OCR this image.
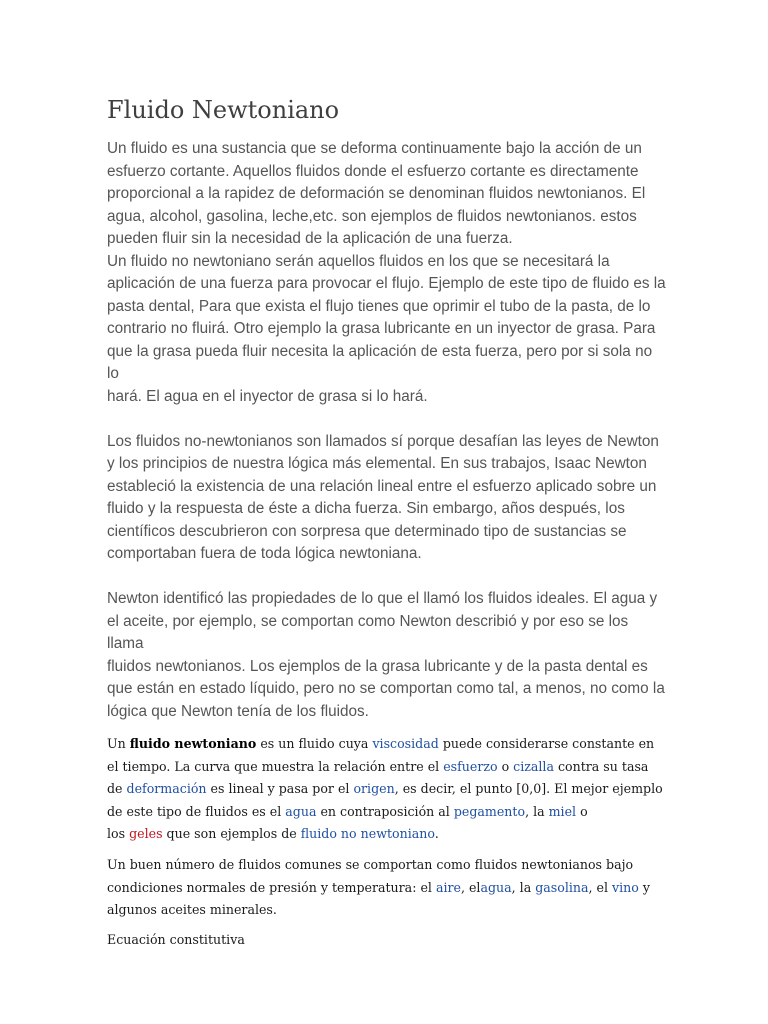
Fluido Newtoniano
Un fluido es una sustancia que se deforma continuamente bajo la acción de un
esfuerzo cortante. Aquellos fluidos donde el esfuerzo cortante es directamente
proporcional a la rapidez de deformación se denominan fluidos newtonianos. El
agua, alcohol, gasolina, leche,etc. son ejemplos de fluidos newtonianos. estos
pueden fluir sin la necesidad de la aplicación de una fuerza.
Un fluido no newtoniano serán aquellos fluidos en los que se necesitará la
aplicación de una fuerza para provocar el flujo. Ejemplo de este tipo de fluido es la
pasta dental, Para que exista el flujo tienes que oprimir el tubo de la pasta, de lo
contrario no fluirá. Otro ejemplo la grasa lubricante en un inyector de grasa. Para
que la grasa pueda fluir necesita la aplicación de esta fuerza, pero por si sola no lo
hará. El agua en el inyector de grasa si lo hará.
Los fluidos no-newtonianos son llamados sí porque desafían las leyes de Newton
y los principios de nuestra lógica más elemental. En sus trabajos, Isaac Newton
estableció la existencia de una relación lineal entre el esfuerzo aplicado sobre un
fluido y la respuesta de éste a dicha fuerza. Sin embargo, años después, los
científicos descubrieron con sorpresa que determinado tipo de sustancias se
comportaban fuera de toda lógica newtoniana.
Newton identificó las propiedades de lo que el llamó los fluidos ideales. El agua y
el aceite, por ejemplo, se comportan como Newton describió y por eso se los llama
fluidos newtonianos. Los ejemplos de la grasa lubricante y de la pasta dental es
que están en estado líquido, pero no se comportan como tal, a menos, no como la
lógica que Newton tenía de los fluidos.
Un fluido newtoniano es un fluido cuya viscosidad puede considerarse constante en
el tiempo. La curva que muestra la relación entre el esfuerzo o cizalla contra su tasa
de deformación es lineal y pasa por el origen, es decir, el punto [0,0]. El mejor ejemplo
de este tipo de fluidos es el agua en contraposición al pegamento, la miel o
los geles que son ejemplos de fluido no newtoniano.
Un buen número de fluidos comunes se comportan como fluidos newtonianos bajo
condiciones normales de presión y temperatura: el aire, elagua, la gasolina, el vino y
algunos aceites minerales.
Ecuación constitutiva
